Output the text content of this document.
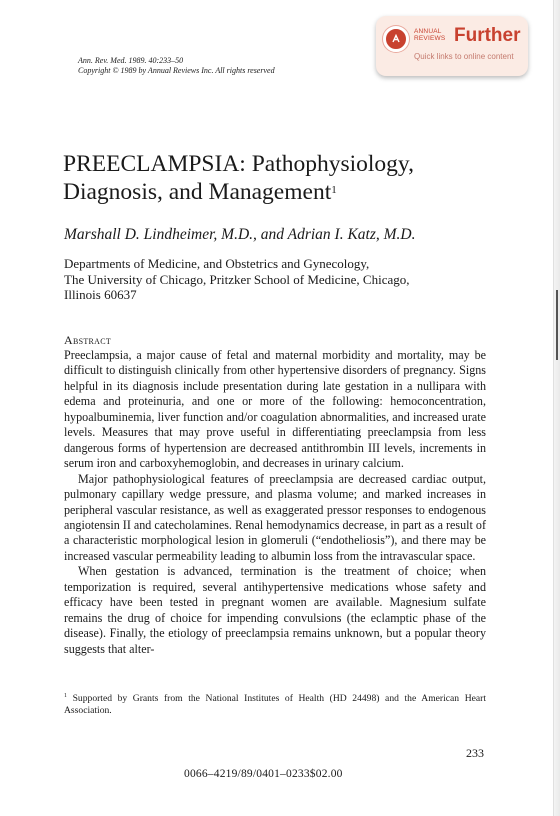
Ann. Rev. Med. 1989. 40:233–50
Copyright © 1989 by Annual Reviews Inc. All rights reserved
ANNUAL
REVIEWS Further
Quick links to online content
PREECLAMPSIA: Pathophysiology,
Diagnosis, and Management$^1$
Marshall D. Lindheimer, M.D., and Adrian I. Katz, M.D.
Departments of Medicine, and Obstetrics and Gynecology,
The University of Chicago, Pritzker School of Medicine, Chicago,
Illinois 60637
Abstract

Preeclampsia, a major cause of fetal and maternal morbidity and mortality, may be difficult to distinguish clinically from other hypertensive disorders of pregnancy. Signs helpful in its diagnosis include presentation during late gestation in a nullipara with edema and proteinuria, and one or more of the following: hemoconcentration, hypoalbuminemia, liver function and/or coagulation abnormalities, and increased urate levels. Measures that may prove useful in differentiating preeclampsia from less dangerous forms of hypertension are decreased antithrombin III levels, increments in serum iron and carboxyhemoglobin, and decreases in urinary calcium.

Major pathophysiological features of preeclampsia are decreased cardiac output, pulmonary capillary wedge pressure, and plasma volume; and marked increases in peripheral vascular resistance, as well as exaggerated pressor responses to endogenous angiotensin II and catecholamines. Renal hemodynamics decrease, in part as a result of a characteristic morphological lesion in glomeruli (“endotheliosis”), and there may be increased vascular permeability leading to albumin loss from the intravascular space.

When gestation is advanced, termination is the treatment of choice; when temporization is required, several antihypertensive medications whose safety and efficacy have been tested in pregnant women are available. Magnesium sulfate remains the drug of choice for impending convulsions (the eclamptic phase of the disease). Finally, the etiology of preeclampsia remains unknown, but a popular theory suggests that alter-

$^1$ Supported by Grants from the National Institutes of Health (HD 24498) and the American Heart Association.
233
0066–4219/89/0401–0233$02.00
